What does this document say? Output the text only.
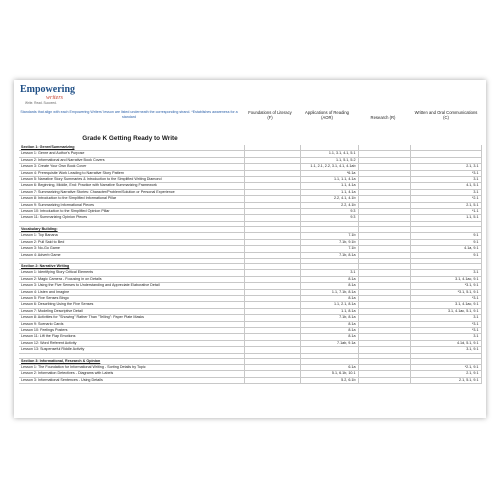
Empowering
writers
Write. Read. Succeed.
Standards that align with each Empowering Writers' lesson are listed underneath the corresponding strand. *Establishes awareness for a standard
Foundations of Literacy (F)
Applications of Reading (AOR)	Research (R)
Written and Oral Communications (C)
Grade K Getting Ready to Write
Section 1: Genre/Summarizing				
Lesson 1: Genre and Author's Purpose		1.1, 3.1, 4.1, 5.1		
Lesson 2: Informational and Narrative Book Covers		1.1, 5.1, 5.2		
Lesson 3: Create Your Own Book Cover		1.1, 2.1, 2.2, 3.1, 4.1, 4.1ab		2.1, 3.1
Lesson 4: Prerequisite Work Leading to Narrative Story Pattern		*6.1a		*3.1
Lesson 5: Narrative Story Summaries & Introduction to the Simplified Writing Diamond		1.1, 1.1, 4.1a		3.1
Lesson 6: Beginning, Middle, End: Practice with Narrative Summarizing Framework		1.1, 4.1a		4.1, 5.1
Lesson 7: Summarizing Narrative Stories: Character/Problem/Solution or Personal Experience		1.1, 4.1a		3.1
Lesson 8: Introduction to the Simplified Informational Pillar		2.2, 4.1, 4.1b		*2.1
Lesson 9: Summarizing Informational Pieces		2.2, 4.1b		2.1, 5.1
Lesson 10: Introduction to the Simplified Opinion Pillar		9.3		*1.1
Lesson 11: Summarizing Opinion Pieces		9.3		1.1, 5.1

Vocabulary Building:				
Lesson 1: Top Banana		7.1b		9.1
Lesson 2: Pull Said to Bed		7.1b, 9.1b		9.1
Lesson 3: No-Go Game		7.1b		4.1a, 9.1
Lesson 4: Adverb Game		7.1b, 8.1a		9.1

Section 2: Narrative Writing				
Lesson 1: Identifying Story Critical Elements		3.1		3.1
Lesson 2: Magic Camera - Focusing in on Details		8.1a		3.1, 4.1ac, 9.1
Lesson 3: Using the Five Senses to Understanding and Appreciate Elaborative Detail		8.1a		*3.1, 9.1
Lesson 4: Listen and Imagine		1.1, 7.1b, 8.1a		*3.1, 5.1, 9.1
Lesson 5: Five Senses Bingo		8.1a		*3.1
Lesson 6: Describing Using the Five Senses		1.1, 2.1, 8.1a		3.1, 4.1ac, 9.1
Lesson 7: Modeling Descriptive Detail		1.1, 8.1a		3.1, 4.1ac, 5.1, 9.1
Lesson 8: Activities for "Showing" Rather Than "Telling": Paper Plate Masks		7.1b, 8.1a		3.1
Lesson 9: Scenario Cards		8.1a		*3.1
Lesson 10: Feelings Posters		8.1a		*3.1
Lesson 11: Lift the Flap Emotions		8.1a		3.1
Lesson 12: Word Referent Activity		7.1ab, 9.1a		4.1d, 5.1, 9.1
Lesson 13: Suspenseful Riddle Activity				3.1, 9.1

Section 3: Informational, Research & Opinion				
Lesson 1: The Foundation for Informational Writing - Sorting Details by Topic		6.1a		*2.1, 9.1
Lesson 2: Information Detectives - Diagrams with Labels		5.1, 6.1b, 10.1		2.1, 9.1
Lesson 3: Informational Sentences - Using Details		5.2, 6.1b		2.1, 5.1, 9.1
